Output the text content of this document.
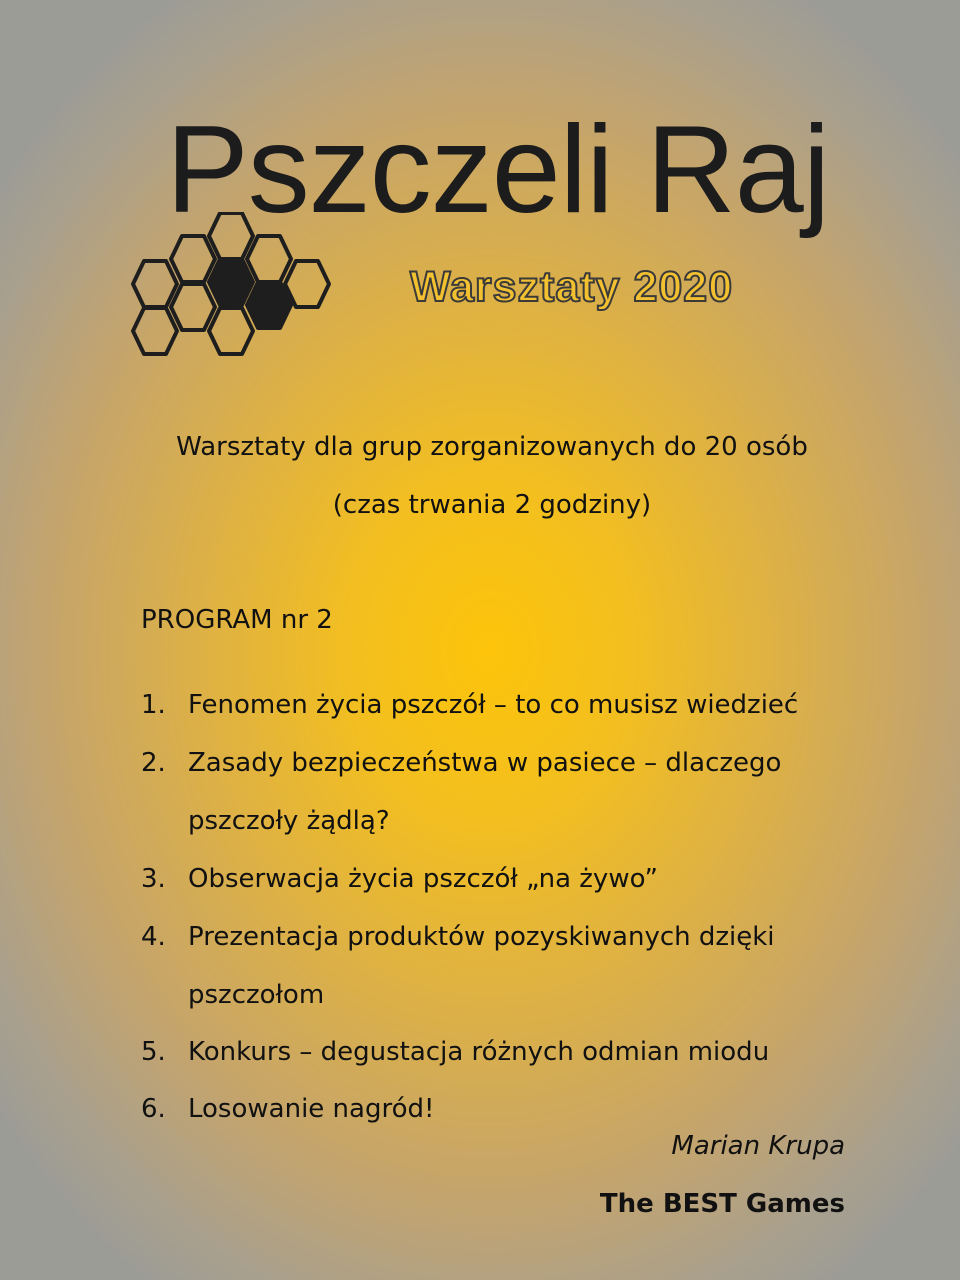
Pszczeli Raj
Warsztaty 2020
Warsztaty dla grup zorganizowanych do 20 osób
(czas trwania 2 godziny)
PROGRAM nr 2
1. Fenomen życia pszczół – to co musisz wiedzieć
2. Zasady bezpieczeństwa w pasiece – dlaczego
pszczoły żądlą?
3. Obserwacja życia pszczół „na żywo”
4. Prezentacja produktów pozyskiwanych dzięki
pszczołom
5. Konkurs – degustacja różnych odmian miodu
6. Losowanie nagród!
Marian Krupa
The BEST Games
